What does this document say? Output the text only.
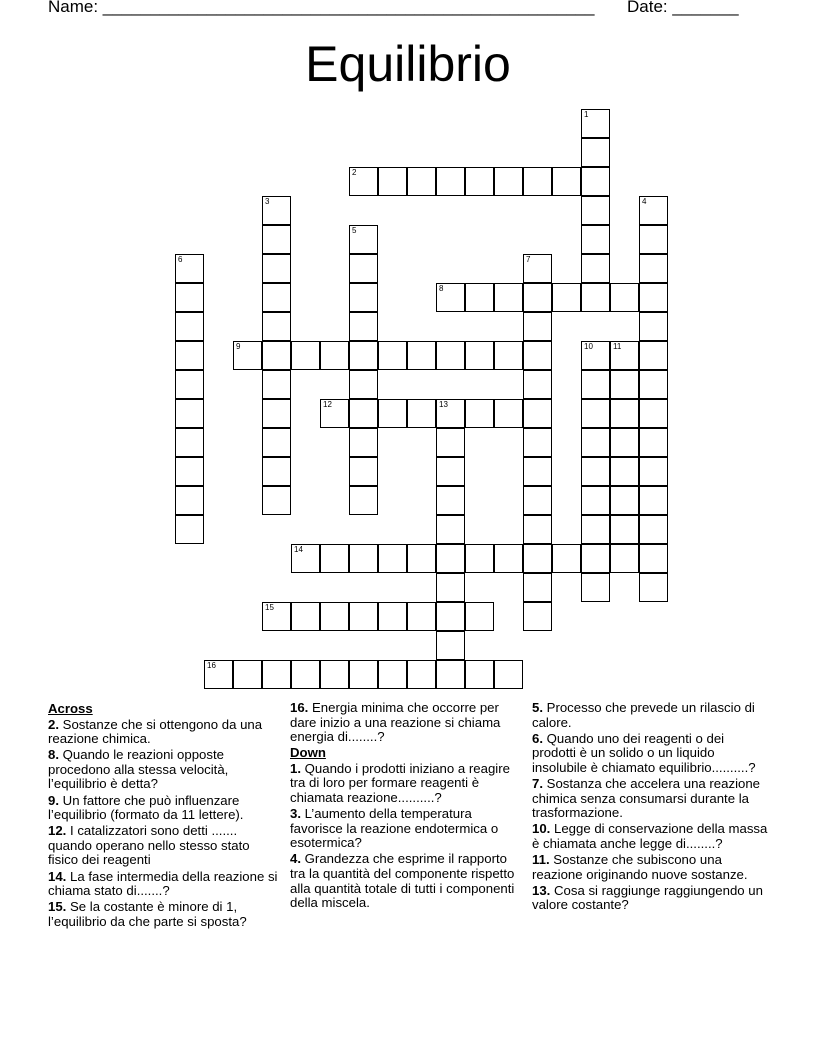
Name: ____________________________________________________ Date: _______
Equilibrio
1
2
3	4
5
6	7
8
9	10	11
12	13
14
15
16
Across
2. Sostanze che si ottengono da una reazione chimica.
8. Quando le reazioni opposte procedono alla stessa velocità, l’equilibrio è detta?
9. Un fattore che può influenzare l’equilibrio (formato da 11 lettere).
12. I catalizzatori sono detti ....... quando operano nello stesso stato fisico dei reagenti
14. La fase intermedia della reazione si chiama stato di.......?
15. Se la costante è minore di 1, l’equilibrio da che parte si sposta?
16. Energia minima che occorre per dare inizio a una reazione si chiama energia di........?
Down
1. Quando i prodotti iniziano a reagire tra di loro per formare reagenti è chiamata reazione..........?
3. L’aumento della temperatura favorisce la reazione endotermica o esotermica?
4. Grandezza che esprime il rapporto tra la quantità del componente rispetto alla quantità totale di tutti i componenti della miscela.
5. Processo che prevede un rilascio di calore.
6. Quando uno dei reagenti o dei prodotti è un solido o un liquido insolubile è chiamato equilibrio..........?
7. Sostanza che accelera una reazione chimica senza consumarsi durante la trasformazione.
10. Legge di conservazione della massa è chiamata anche legge di........?
11. Sostanze che subiscono una reazione originando nuove sostanze.
13. Cosa si raggiunge raggiungendo un valore costante?
